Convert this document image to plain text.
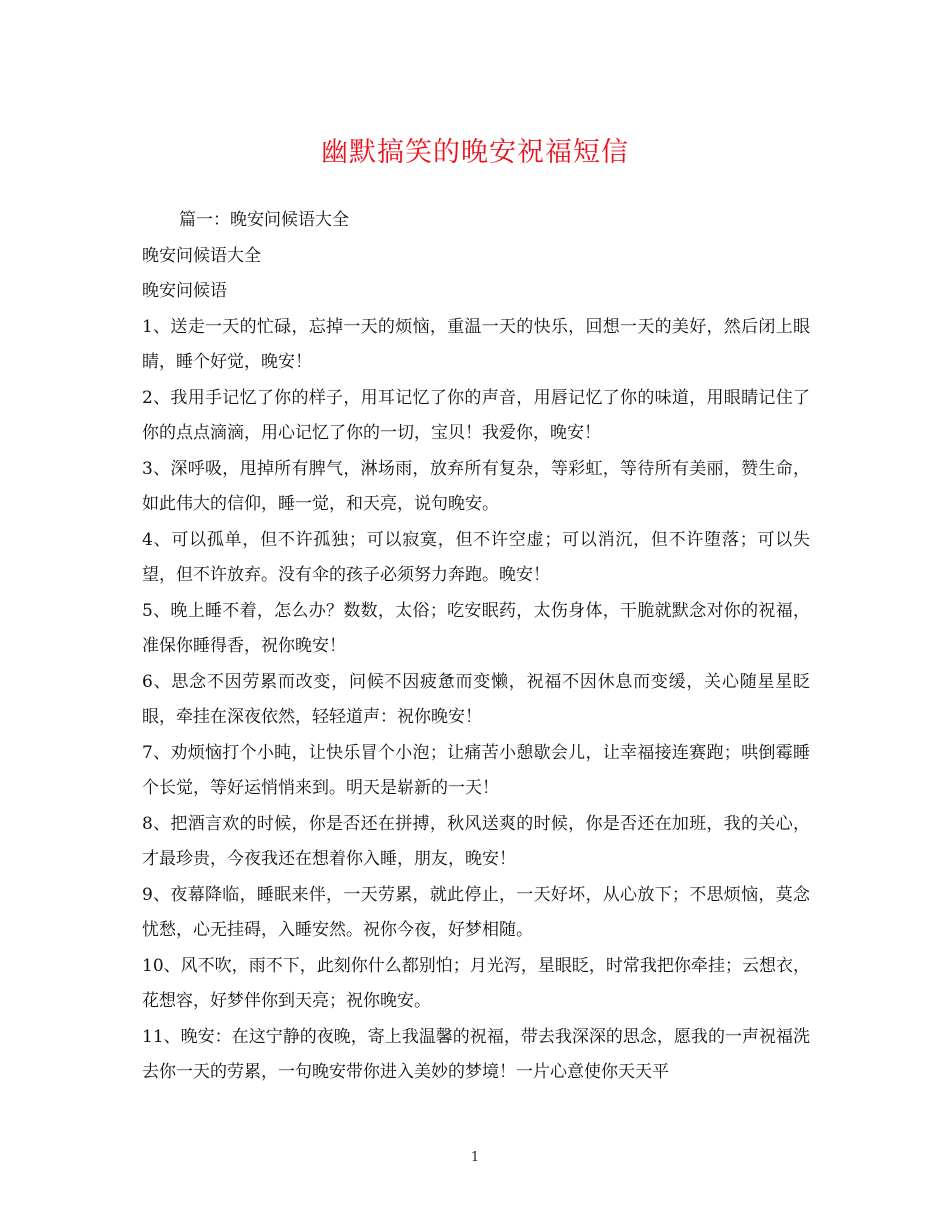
幽默搞笑的晚安祝福短信
篇一：晚安问候语大全
晚安问候语大全
晚安问候语
1、送走一天的忙碌，忘掉一天的烦恼，重温一天的快乐，回想一天的美好，然后闭上眼睛，睡个好觉，晚安！
2、我用手记忆了你的样子，用耳记忆了你的声音，用唇记忆了你的味道，用眼睛记住了你的点点滴滴，用心记忆了你的一切，宝贝！我爱你，晚安！
3、深呼吸，甩掉所有脾气，淋场雨，放弃所有复杂，等彩虹，等待所有美丽，赞生命，如此伟大的信仰，睡一觉，和天亮，说句晚安。
4、可以孤单，但不许孤独；可以寂寞，但不许空虚；可以消沉，但不许堕落；可以失望，但不许放弃。没有伞的孩子必须努力奔跑。晚安！
5、晚上睡不着，怎么办？数数，太俗；吃安眠药，太伤身体，干脆就默念对你的祝福，准保你睡得香，祝你晚安！
6、思念不因劳累而改变，问候不因疲惫而变懒，祝福不因休息而变缓，关心随星星眨眼，牵挂在深夜依然，轻轻道声：祝你晚安！
7、劝烦恼打个小盹，让快乐冒个小泡；让痛苦小憩歇会儿，让幸福接连赛跑；哄倒霉睡个长觉，等好运悄悄来到。明天是崭新的一天！
8、把酒言欢的时候，你是否还在拼搏，秋风送爽的时候，你是否还在加班，我的关心，才最珍贵，今夜我还在想着你入睡，朋友，晚安！
9、夜幕降临，睡眠来伴，一天劳累，就此停止，一天好坏，从心放下；不思烦恼，莫念忧愁，心无挂碍，入睡安然。祝你今夜，好梦相随。
10、风不吹，雨不下，此刻你什么都别怕；月光泻，星眼眨，时常我把你牵挂；云想衣，花想容，好梦伴你到天亮；祝你晚安。
11、晚安：在这宁静的夜晚，寄上我温馨的祝福，带去我深深的思念，愿我的一声祝福洗去你一天的劳累，一句晚安带你进入美妙的梦境！一片心意使你天天平
1
